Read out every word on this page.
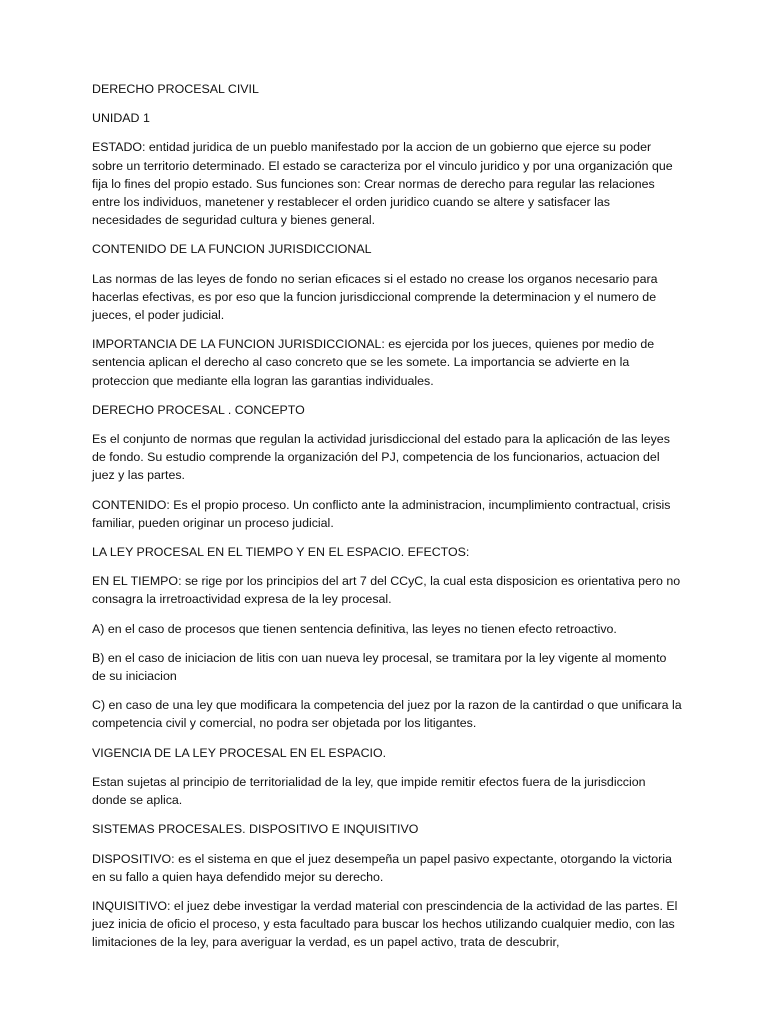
DERECHO PROCESAL CIVIL

UNIDAD 1

ESTADO: entidad juridica de un pueblo manifestado por la accion de un gobierno que ejerce su poder sobre un territorio determinado. El estado se caracteriza por el vinculo juridico y por una organización que fija lo fines del propio estado. Sus funciones son: Crear normas de derecho para regular las relaciones entre los individuos, manetener y restablecer el orden juridico cuando se altere y satisfacer las necesidades de seguridad cultura y bienes general.

CONTENIDO DE LA FUNCION JURISDICCIONAL

Las normas de las leyes de fondo no serian eficaces si el estado no crease los organos necesario para hacerlas efectivas, es por eso que la funcion jurisdiccional comprende la determinacion y el numero de jueces, el poder judicial.

IMPORTANCIA DE LA FUNCION JURISDICCIONAL: es ejercida por los jueces, quienes por medio de sentencia aplican el derecho al caso concreto que se les somete. La importancia se advierte en la proteccion que mediante ella logran las garantias individuales.

DERECHO PROCESAL . CONCEPTO

Es el conjunto de normas que regulan la actividad jurisdiccional del estado para la aplicación de las leyes de fondo. Su estudio comprende la organización del PJ, competencia de los funcionarios, actuacion del juez y las partes.

CONTENIDO: Es el propio proceso. Un conflicto ante la administracion, incumplimiento contractual, crisis familiar, pueden originar un proceso judicial.

LA LEY PROCESAL EN EL TIEMPO Y EN EL ESPACIO. EFECTOS:

EN EL TIEMPO: se rige por los principios del art 7 del CCyC, la cual esta disposicion es orientativa pero no consagra la irretroactividad expresa de la ley procesal.

A) en el caso de procesos que tienen sentencia definitiva, las leyes no tienen efecto retroactivo.

B) en el caso de iniciacion de litis con uan nueva ley procesal, se tramitara por la ley vigente al momento de su iniciacion

C) en caso de una ley que modificara la competencia del juez por la razon de la cantirdad o que unificara la competencia civil y comercial, no podra ser objetada por los litigantes.

VIGENCIA DE LA LEY PROCESAL EN EL ESPACIO.

Estan sujetas al principio de territorialidad de la ley, que impide remitir efectos fuera de la jurisdiccion donde se aplica.

SISTEMAS PROCESALES. DISPOSITIVO E INQUISITIVO

DISPOSITIVO: es el sistema en que el juez desempeña un papel pasivo expectante, otorgando la victoria en su fallo a quien haya defendido mejor su derecho.

INQUISITIVO: el juez debe investigar la verdad material con prescindencia de la actividad de las partes. El juez inicia de oficio el proceso, y esta facultado para buscar los hechos utilizando cualquier medio, con las limitaciones de la ley, para averiguar la verdad, es un papel activo, trata de descubrir,
